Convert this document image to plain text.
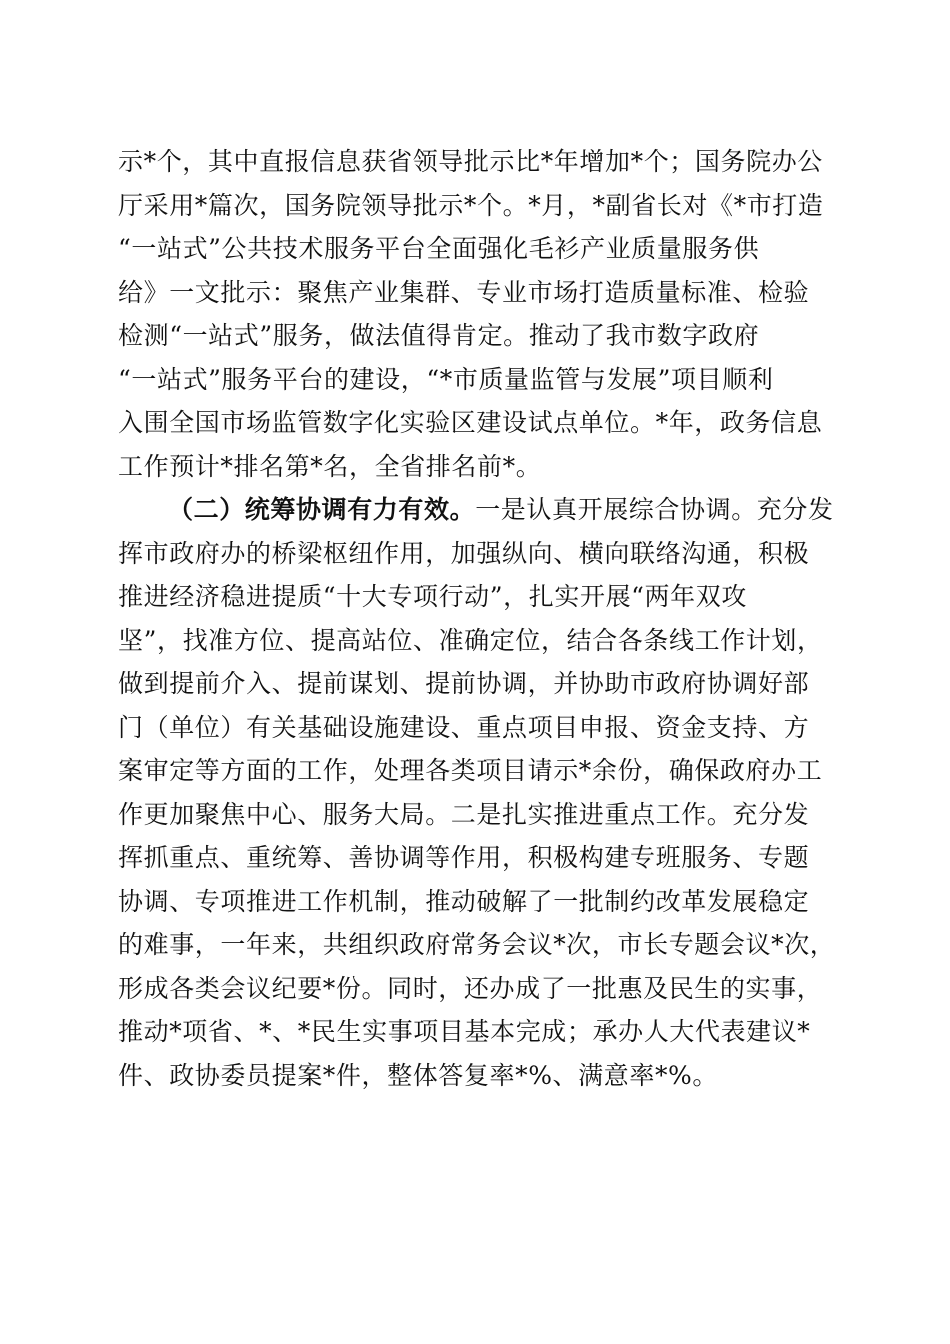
示*个，其中直报信息获省领导批示比*年增加*个；国务院办公
厅采用*篇次，国务院领导批示*个。*月，*副省长对《*市打造
“一站式”公共技术服务平台全面强化毛衫产业质量服务供
给》一文批示：聚焦产业集群、专业市场打造质量标准、检验
检测“一站式”服务，做法值得肯定。推动了我市数字政府
“一站式”服务平台的建设，“*市质量监管与发展”项目顺利
入围全国市场监管数字化实验区建设试点单位。*年，政务信息
工作预计*排名第*名，全省排名前*。
（二）统筹协调有力有效。一是认真开展综合协调。充分发
挥市政府办的桥梁枢纽作用，加强纵向、横向联络沟通，积极
推进经济稳进提质“十大专项行动”，扎实开展“两年双攻
坚”，找准方位、提高站位、准确定位，结合各条线工作计划，
做到提前介入、提前谋划、提前协调，并协助市政府协调好部
门（单位）有关基础设施建设、重点项目申报、资金支持、方
案审定等方面的工作，处理各类项目请示*余份，确保政府办工
作更加聚焦中心、服务大局。二是扎实推进重点工作。充分发
挥抓重点、重统筹、善协调等作用，积极构建专班服务、专题
协调、专项推进工作机制，推动破解了一批制约改革发展稳定
的难事，一年来，共组织政府常务会议*次，市长专题会议*次，
形成各类会议纪要*份。同时，还办成了一批惠及民生的实事，
推动*项省、*、*民生实事项目基本完成；承办人大代表建议*
件、政协委员提案*件，整体答复率*%、满意率*%。
